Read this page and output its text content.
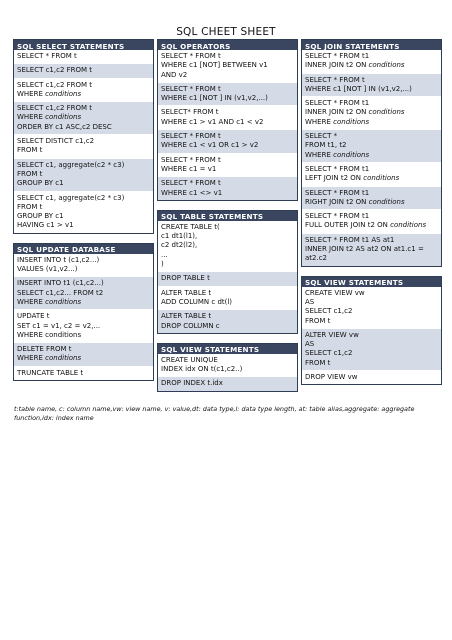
SQL CHEET SHEET
SQL SELECT STATEMENTS
SELECT * FROM t
SELECT c1,c2 FROM t
SELECT c1,c2 FROM t
WHERE conditions
SELECT c1,c2 FROM t
WHERE conditions
ORDER BY c1 ASC,c2 DESC
SELECT DISTICT c1,c2
FROM t
SELECT c1, aggregate(c2 * c3)
FROM t
GROUP BY c1
SELECT c1, aggregate(c2 * c3)
FROM t
GROUP BY c1
HAVING c1 > v1
SQL UPDATE DATABASE
INSERT INTO t (c1,c2...)
VALUES (v1,v2...)
INSERT INTO t1 (c1,c2...)
SELECT c1,c2... FROM t2
WHERE conditions
UPDATE t
SET c1 = v1, c2 = v2,...
WHERE conditions
DELETE FROM t
WHERE conditions
TRUNCATE TABLE t
SQL OPERATORS
SELECT * FROM t
WHERE c1 [NOT] BETWEEN v1
AND v2
SELECT * FROM t
WHERE c1 [NOT ] IN (v1,v2,...)
SELECT* FROM t
WHERE c1 > v1 AND c1 < v2
SELECT * FROM t
WHERE c1 < v1 OR c1 > v2
SELECT * FROM t
WHERE c1 = v1
SELECT * FROM t
WHERE c1 <> v1
SQL TABLE STATEMENTS
CREATE TABLE t(
c1 dt1(l1),
c2 dt2(l2),
...
)
DROP TABLE t
ALTER TABLE t
ADD COLUMN c dt(l)
ALTER TABLE t
DROP COLUMN c
SQL VIEW STATEMENTS
CREATE UNIQUE
INDEX idx ON t(c1,c2..)
DROP INDEX t.idx
SQL JOIN STATEMENTS
SELECT * FROM t1
INNER JOIN t2 ON conditions
SELECT * FROM t
WHERE c1 [NOT ] IN (v1,v2,...)
SELECT * FROM t1
INNER JOIN t2 ON conditions
WHERE conditions
SELECT *
FROM t1, t2
WHERE conditions
SELECT * FROM t1
LEFT JOIN t2 ON conditions
SELECT * FROM t1
RIGHT JOIN t2 ON conditions
SELECT * FROM t1
FULL OUTER JOIN t2 ON conditions
SELECT * FROM t1 AS at1
INNER JOIN t2 AS at2 ON at1.c1 =
at2.c2
SQL VIEW STATEMENTS
CREATE VIEW vw
AS
SELECT c1,c2
FROM t
ALTER VIEW vw
AS
SELECT c1,c2
FROM t
DROP VIEW vw
t:table name, c: column name,vw: view name, v: value,dt: data type,l: data type length, at: table alias,aggregate: aggregate function,idx: index name
